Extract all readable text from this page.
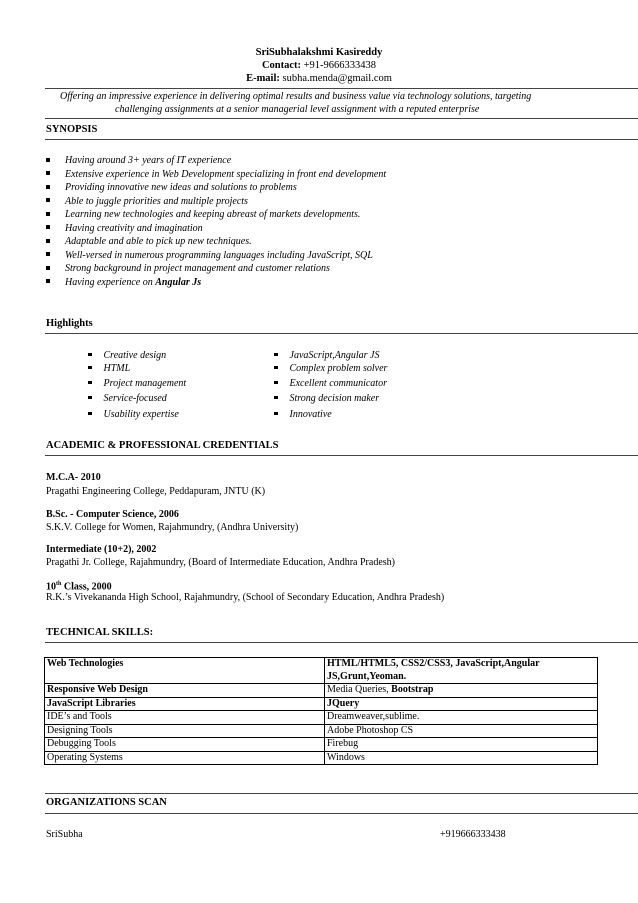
SriSubhalakshmi Kasireddy
Contact: +91-9666333438
E-mail: subha.menda@gmail.com
Offering an impressive experience in delivering optimal results and business value via technology solutions, targeting
challenging assignments at a senior managerial level assignment with a reputed enterprise
SYNOPSIS
Having around 3+ years of IT experience
Extensive experience in Web Development specializing in front end development
Providing innovative new ideas and solutions to problems
Able to juggle priorities and multiple projects
Learning new technologies and keeping abreast of markets developments.
Having creativity and imagination
Adaptable and able to pick up new techniques.
Well-versed in numerous programming languages including JavaScript, SQL
Strong background in project management and customer relations
Having experience on Angular Js
Highlights
Creative design
HTML
Project management
Service-focused
Usability expertise
JavaScript,Angular JS
Complex problem solver
Excellent communicator
Strong decision maker
Innovative
ACADEMIC & PROFESSIONAL CREDENTIALS
M.C.A- 2010
Pragathi Engineering College, Peddapuram, JNTU (K)
B.Sc. - Computer Science, 2006
S.K.V. College for Women, Rajahmundry, (Andhra University)
Intermediate (10+2), 2002
Pragathi Jr. College, Rajahmundry, (Board of Intermediate Education, Andhra Pradesh)
10th Class, 2000
R.K.’s Vivekananda High School, Rajahmundry, (School of Secondary Education, Andhra Pradesh)
TECHNICAL SKILLS:
Web Technologies	HTML/HTML5, CSS2/CSS3, JavaScript,Angular
JS,Grunt,Yeoman.
Responsive Web Design	Media Queries, Bootstrap
JavaScript Libraries	JQuery
IDE’s and Tools	Dreamweaver,sublime.
Designing Tools	Adobe Photoshop CS
Debugging Tools	Firebug
Operating Systems	Windows
ORGANIZATIONS SCAN
SriSubha	+919666333438
